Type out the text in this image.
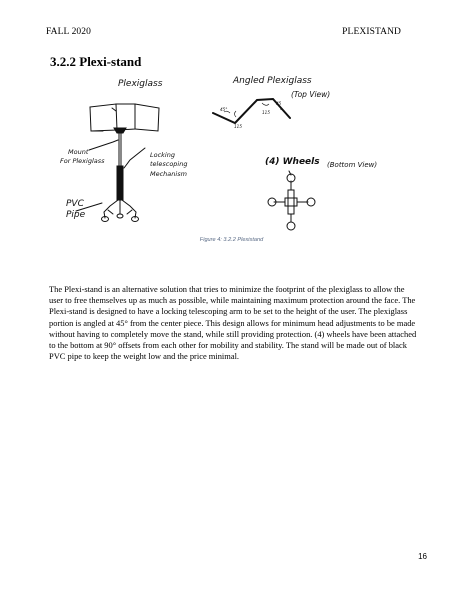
FALL 2020	PLEXISTAND
3.2.2 Plexi-stand
Plexiglass
Mount
For Plexiglass
Locking
telescoping
Mechanism
PVC
Pipe
Angled Plexiglass
(Top View)
45°
115
115
45
(4) Wheels (Bottom View)
Figure 4: 3.2.2 Plexistand
The Plexi-stand is an alternative solution that tries to minimize the footprint of the plexiglass to allow the user to free themselves up as much as possible, while maintaining maximum protection around the face. The Plexi-stand is designed to have a locking telescoping arm to be set to the height of the user. The plexiglass portion is angled at 45° from the center piece. This design allows for minimum head adjustments to be made without having to completely move the stand, while still providing protection. (4) wheels have been attached to the bottom at 90° offsets from each other for mobility and stability. The stand will be made out of black PVC pipe to keep the weight low and the price minimal.
16
